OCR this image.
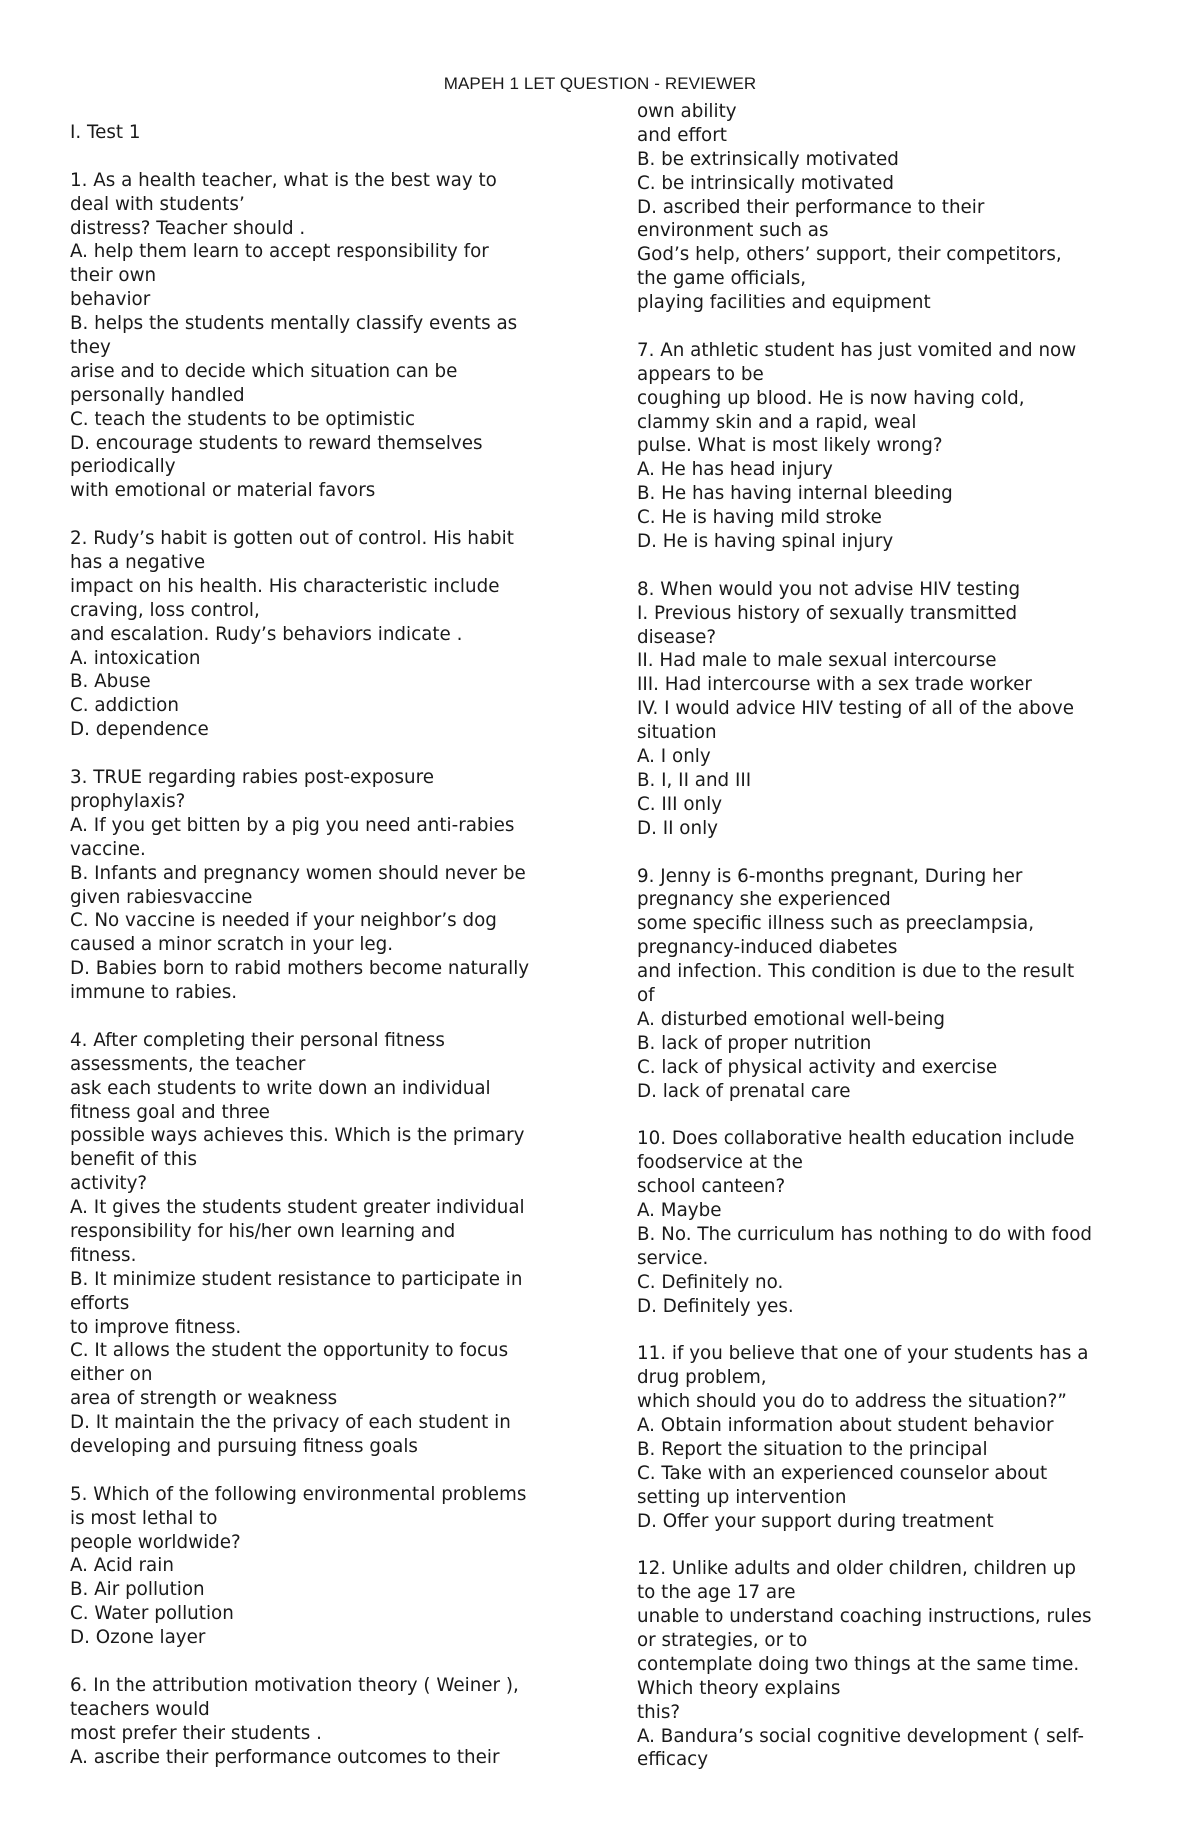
MAPEH 1 LET QUESTION - REVIEWER
I. Test 1
1. As a health teacher, what is the best way to
deal with students’
distress? Teacher should .
A. help them learn to accept responsibility for
their own
behavior
B. helps the students mentally classify events as
they
arise and to decide which situation can be
personally handled
C. teach the students to be optimistic
D. encourage students to reward themselves
periodically
with emotional or material favors
2. Rudy’s habit is gotten out of control. His habit
has a negative
impact on his health. His characteristic include
craving, loss control,
and escalation. Rudy’s behaviors indicate .
A. intoxication
B. Abuse
C. addiction
D. dependence
3. TRUE regarding rabies post-exposure
prophylaxis?
A. If you get bitten by a pig you need anti-rabies
vaccine.
B. Infants and pregnancy women should never be
given rabiesvaccine
C. No vaccine is needed if your neighbor’s dog
caused a minor scratch in your leg.
D. Babies born to rabid mothers become naturally
immune to rabies.
4. After completing their personal fitness
assessments, the teacher
ask each students to write down an individual
fitness goal and three
possible ways achieves this. Which is the primary
benefit of this
activity?
A. It gives the students student greater individual
responsibility for his/her own learning and
fitness.
B. It minimize student resistance to participate in
efforts
to improve fitness.
C. It allows the student the opportunity to focus
either on
area of strength or weakness
D. It maintain the the privacy of each student in
developing and pursuing fitness goals
5. Which of the following environmental problems
is most lethal to
people worldwide?
A. Acid rain
B. Air pollution
C. Water pollution
D. Ozone layer
6. In the attribution motivation theory ( Weiner ),
teachers would
most prefer their students .
A. ascribe their performance outcomes to their
own ability
and effort
B. be extrinsically motivated
C. be intrinsically motivated
D. ascribed their performance to their
environment such as
God’s help, others’ support, their competitors,
the game officials,
playing facilities and equipment
7. An athletic student has just vomited and now
appears to be
coughing up blood. He is now having cold,
clammy skin and a rapid, weal
pulse. What is most likely wrong?
A. He has head injury
B. He has having internal bleeding
C. He is having mild stroke
D. He is having spinal injury
8. When would you not advise HIV testing
I. Previous history of sexually transmitted
disease?
II. Had male to male sexual intercourse
III. Had intercourse with a sex trade worker
IV. I would advice HIV testing of all of the above
situation
A. I only
B. I, II and III
C. III only
D. II only
9. Jenny is 6-months pregnant, During her
pregnancy she experienced
some specific illness such as preeclampsia,
pregnancy-induced diabetes
and infection. This condition is due to the result
of
A. disturbed emotional well-being
B. lack of proper nutrition
C. lack of physical activity and exercise
D. lack of prenatal care
10. Does collaborative health education include
foodservice at the
school canteen?
A. Maybe
B. No. The curriculum has nothing to do with food
service.
C. Definitely no.
D. Definitely yes.
11. if you believe that one of your students has a
drug problem,
which should you do to address the situation?”
A. Obtain information about student behavior
B. Report the situation to the principal
C. Take with an experienced counselor about
setting up intervention
D. Offer your support during treatment
12. Unlike adults and older children, children up
to the age 17 are
unable to understand coaching instructions, rules
or strategies, or to
contemplate doing two things at the same time.
Which theory explains
this?
A. Bandura’s social cognitive development ( self-
efficacy
